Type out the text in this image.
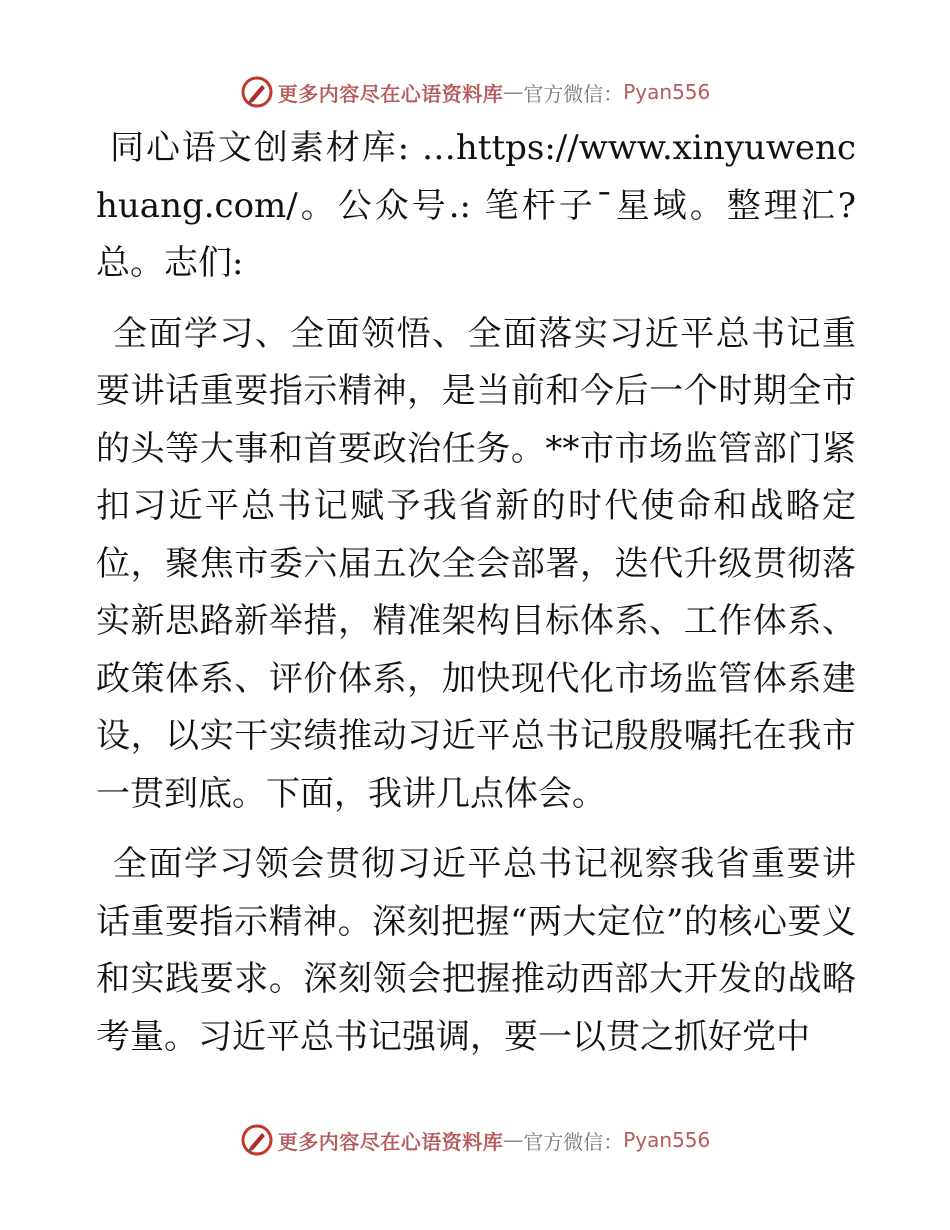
更多内容尽在心语资料库 — 官方微信： Pyan556

同心语文创素材库: …https://www.xinyuwenchuang.com/。公众号.: 笔杆子¯星域。整理汇?总。志们:

全面学习、全面领悟、全面落实习近平总书记重要讲话重要指示精神，是当前和今后一个时期全市的头等大事和首要政治任务。**市市场监管部门紧扣习近平总书记赋予我省新的时代使命和战略定位，聚焦市委六届五次全会部署，迭代升级贯彻落实新思路新举措，精准架构目标体系、工作体系、政策体系、评价体系，加快现代化市场监管体系建设，以实干实绩推动习近平总书记殷殷嘱托在我市一贯到底。下面，我讲几点体会。

全面学习领会贯彻习近平总书记视察我省重要讲话重要指示精神。深刻把握“两大定位”的核心要义和实践要求。深刻领会把握推动西部大开发的战略考量。习近平总书记强调，要一以贯之抓好党中

更多内容尽在心语资料库 — 官方微信： Pyan556
